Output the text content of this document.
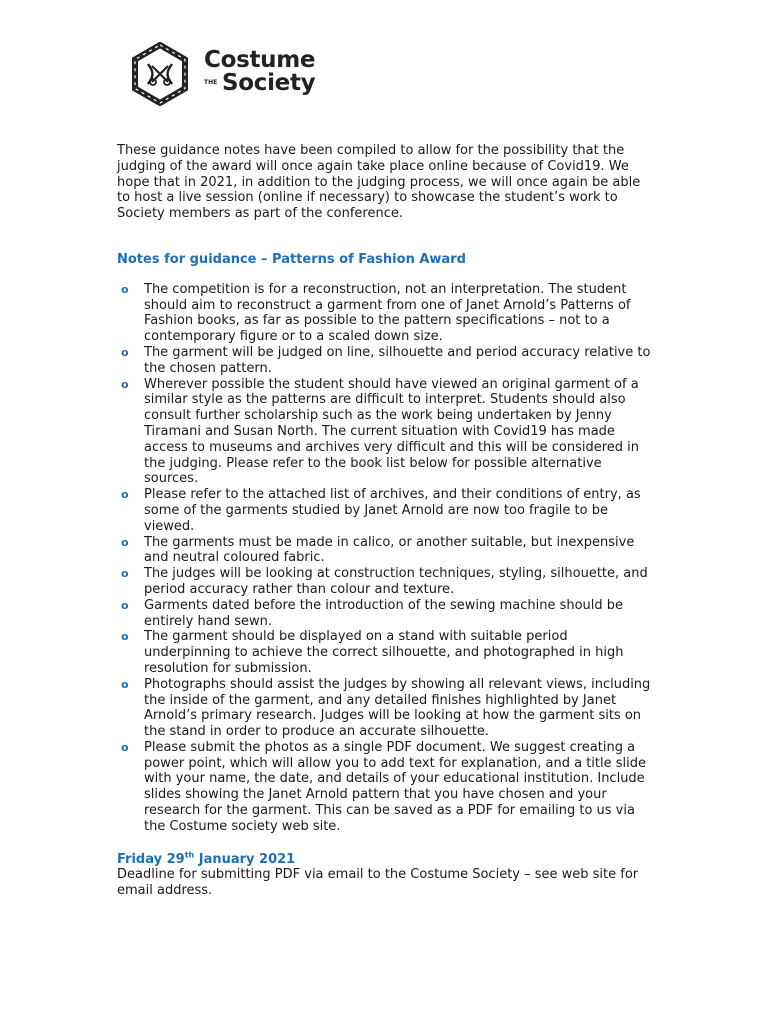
Costume
THE Society

These guidance notes have been compiled to allow for the possibility that the judging of the award will once again take place online because of Covid19. We hope that in 2021, in addition to the judging process, we will once again be able to host a live session (online if necessary) to showcase the student’s work to Society members as part of the conference.

Notes for guidance – Patterns of Fashion Award
o The competition is for a reconstruction, not an interpretation. The student should aim to reconstruct a garment from one of Janet Arnold’s Patterns of Fashion books, as far as possible to the pattern specifications – not to a contemporary figure or to a scaled down size.
o The garment will be judged on line, silhouette and period accuracy relative to the chosen pattern.
o Wherever possible the student should have viewed an original garment of a similar style as the patterns are difficult to interpret. Students should also consult further scholarship such as the work being undertaken by Jenny Tiramani and Susan North. The current situation with Covid19 has made access to museums and archives very difficult and this will be considered in the judging. Please refer to the book list below for possible alternative sources.
o Please refer to the attached list of archives, and their conditions of entry, as some of the garments studied by Janet Arnold are now too fragile to be viewed.
o The garments must be made in calico, or another suitable, but inexpensive and neutral coloured fabric.
o The judges will be looking at construction techniques, styling, silhouette, and period accuracy rather than colour and texture.
o Garments dated before the introduction of the sewing machine should be entirely hand sewn.
o The garment should be displayed on a stand with suitable period underpinning to achieve the correct silhouette, and photographed in high resolution for submission.
o Photographs should assist the judges by showing all relevant views, including the inside of the garment, and any detailed finishes highlighted by Janet Arnold’s primary research. Judges will be looking at how the garment sits on the stand in order to produce an accurate silhouette.
o Please submit the photos as a single PDF document. We suggest creating a power point, which will allow you to add text for explanation, and a title slide with your name, the date, and details of your educational institution. Include slides showing the Janet Arnold pattern that you have chosen and your research for the garment. This can be saved as a PDF for emailing to us via the Costume society web site.
Friday 29th January 2021

Deadline for submitting PDF via email to the Costume Society – see web site for email address.
